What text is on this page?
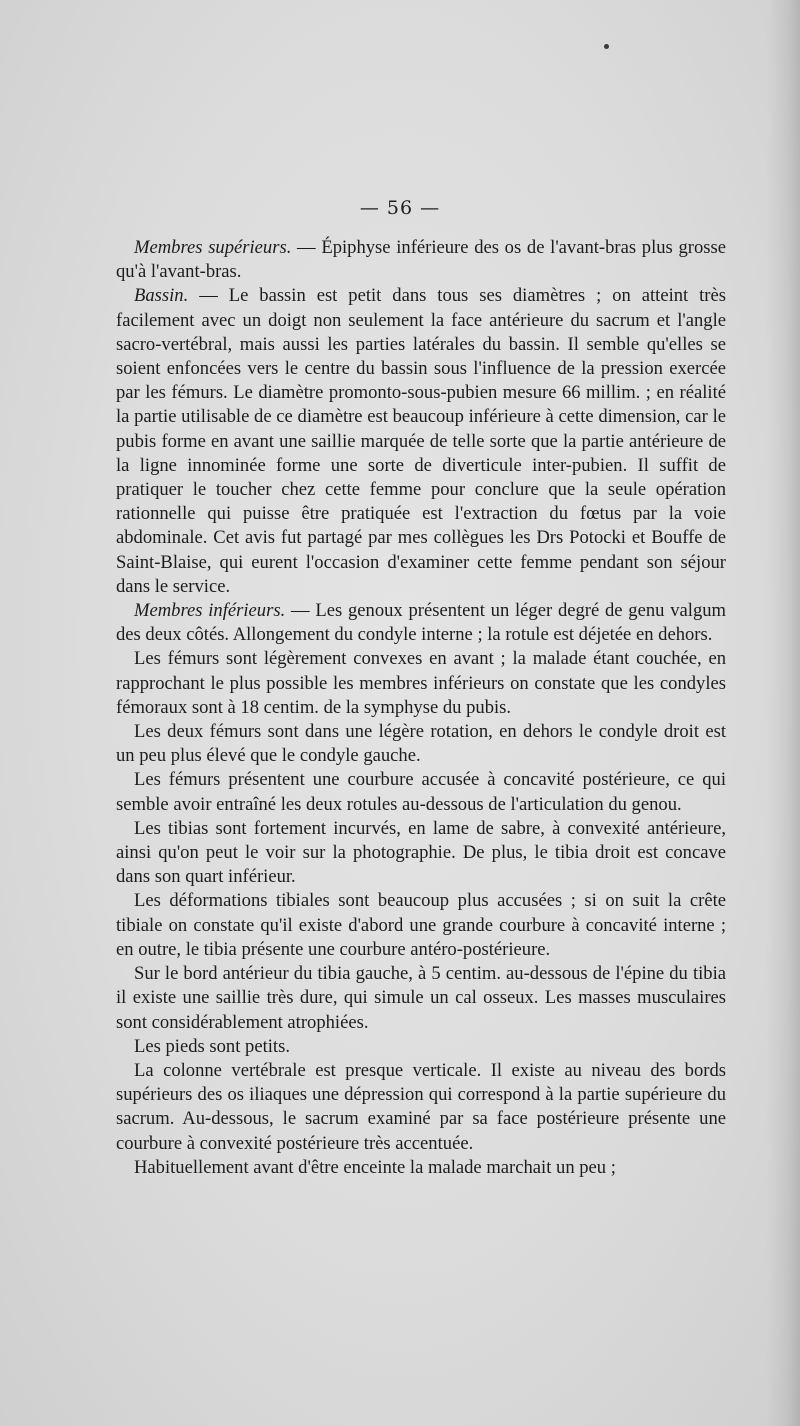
— 56 —

Membres supérieurs. — Épiphyse inférieure des os de l'avant-bras plus grosse qu'à l'avant-bras.

Bassin. — Le bassin est petit dans tous ses diamètres ; on atteint très facilement avec un doigt non seulement la face antérieure du sacrum et l'angle sacro-vertébral, mais aussi les parties latérales du bassin. Il semble qu'elles se soient enfoncées vers le centre du bassin sous l'influence de la pression exercée par les fémurs. Le diamètre promonto-sous-pubien mesure 66 millim. ; en réalité la partie utilisable de ce diamètre est beaucoup inférieure à cette dimension, car le pubis forme en avant une saillie marquée de telle sorte que la partie antérieure de la ligne innominée forme une sorte de diverticule inter-pubien. Il suffit de pratiquer le toucher chez cette femme pour conclure que la seule opération rationnelle qui puisse être pratiquée est l'extraction du fœtus par la voie abdominale. Cet avis fut partagé par mes collègues les Drs Potocki et Bouffe de Saint-Blaise, qui eurent l'occasion d'examiner cette femme pendant son séjour dans le service.

Membres inférieurs. — Les genoux présentent un léger degré de genu valgum des deux côtés. Allongement du condyle interne ; la rotule est déjetée en dehors.

Les fémurs sont légèrement convexes en avant ; la malade étant couchée, en rapprochant le plus possible les membres inférieurs on constate que les condyles fémoraux sont à 18 centim. de la symphyse du pubis.

Les deux fémurs sont dans une légère rotation, en dehors le condyle droit est un peu plus élevé que le condyle gauche.

Les fémurs présentent une courbure accusée à concavité postérieure, ce qui semble avoir entraîné les deux rotules au-dessous de l'articulation du genou.

Les tibias sont fortement incurvés, en lame de sabre, à convexité antérieure, ainsi qu'on peut le voir sur la photographie. De plus, le tibia droit est concave dans son quart inférieur.

Les déformations tibiales sont beaucoup plus accusées ; si on suit la crête tibiale on constate qu'il existe d'abord une grande courbure à concavité interne ; en outre, le tibia présente une courbure antéro-postérieure.

Sur le bord antérieur du tibia gauche, à 5 centim. au-dessous de l'épine du tibia il existe une saillie très dure, qui simule un cal osseux. Les masses musculaires sont considérablement atrophiées.

Les pieds sont petits.

La colonne vertébrale est presque verticale. Il existe au niveau des bords supérieurs des os iliaques une dépression qui correspond à la partie supérieure du sacrum. Au-dessous, le sacrum examiné par sa face postérieure présente une courbure à convexité postérieure très accentuée.

Habituellement avant d'être enceinte la malade marchait un peu ;
